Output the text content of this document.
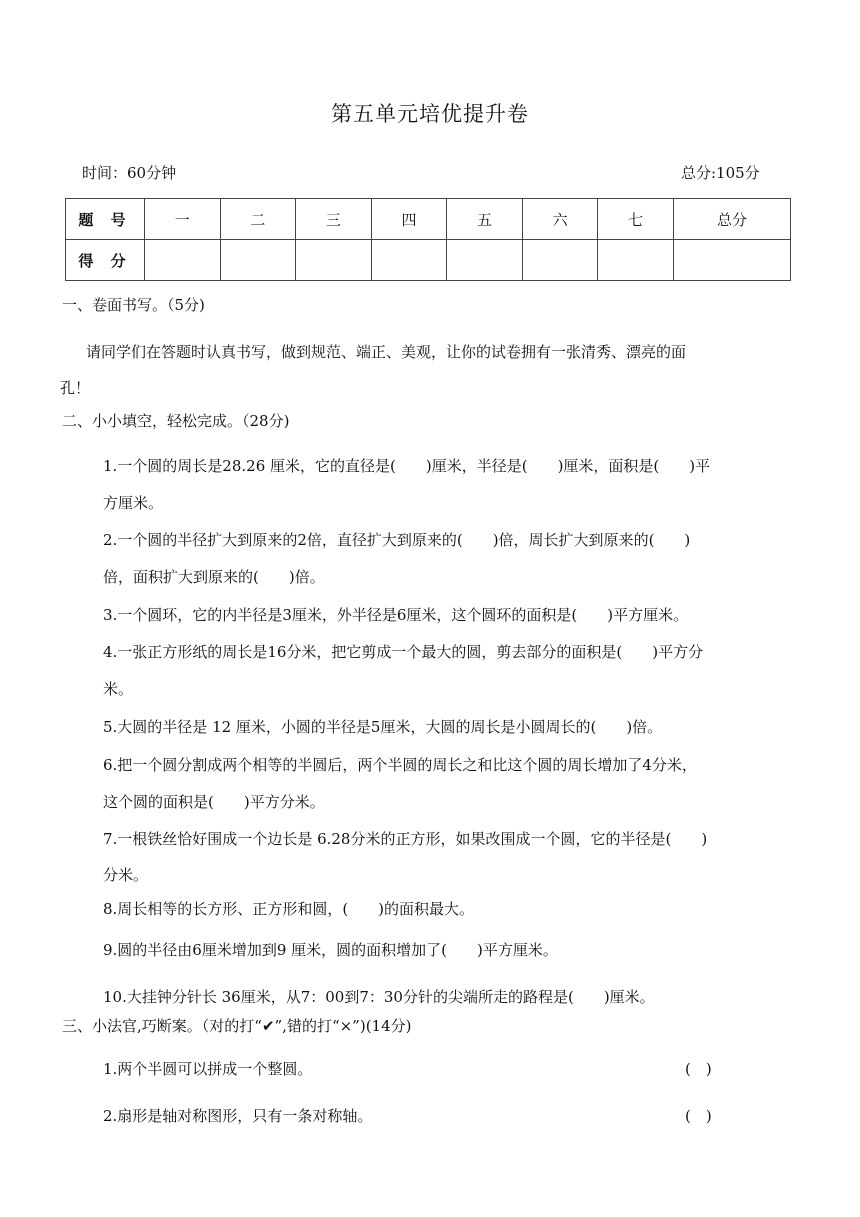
第五单元培优提升卷
时间：60分钟	总分:105分
题 号	一	二	三	四	五	六	七	总分
得 分								
一、卷面书写。（5分)
请同学们在答题时认真书写，做到规范、端正、美观，让你的试卷拥有一张清秀、漂亮的面
孔！
二、小小填空，轻松完成。（28分)
1.一个圆的周长是28.26 厘米，它的直径是(　　)厘米，半径是(　　)厘米，面积是(　　)平
方厘米。
2.一个圆的半径扩大到原来的2倍，直径扩大到原来的(　　)倍，周长扩大到原来的(　　)
倍，面积扩大到原来的(　　)倍。
3.一个圆环，它的内半径是3厘米，外半径是6厘米，这个圆环的面积是(　　)平方厘米。
4.一张正方形纸的周长是16分米，把它剪成一个最大的圆，剪去部分的面积是(　　)平方分
米。
5.大圆的半径是 12 厘米，小圆的半径是5厘米，大圆的周长是小圆周长的(　　)倍。
6.把一个圆分割成两个相等的半圆后，两个半圆的周长之和比这个圆的周长增加了4分米，
这个圆的面积是(　　)平方分米。
7.一根铁丝恰好围成一个边长是 6.28分米的正方形，如果改围成一个圆，它的半径是(　　)
分米。
8.周长相等的长方形、正方形和圆，(　　)的面积最大。
9.圆的半径由6厘米增加到9 厘米，圆的面积增加了(　　)平方厘米。
10.大挂钟分针长 36厘米，从7：00到7：30分针的尖端所走的路程是(　　)厘米。
三、小法官,巧断案。（对的打“✔”,错的打“×”)(14分)
1.两个半圆可以拼成一个整圆。	(　)
2.扇形是轴对称图形，只有一条对称轴。	(　)
